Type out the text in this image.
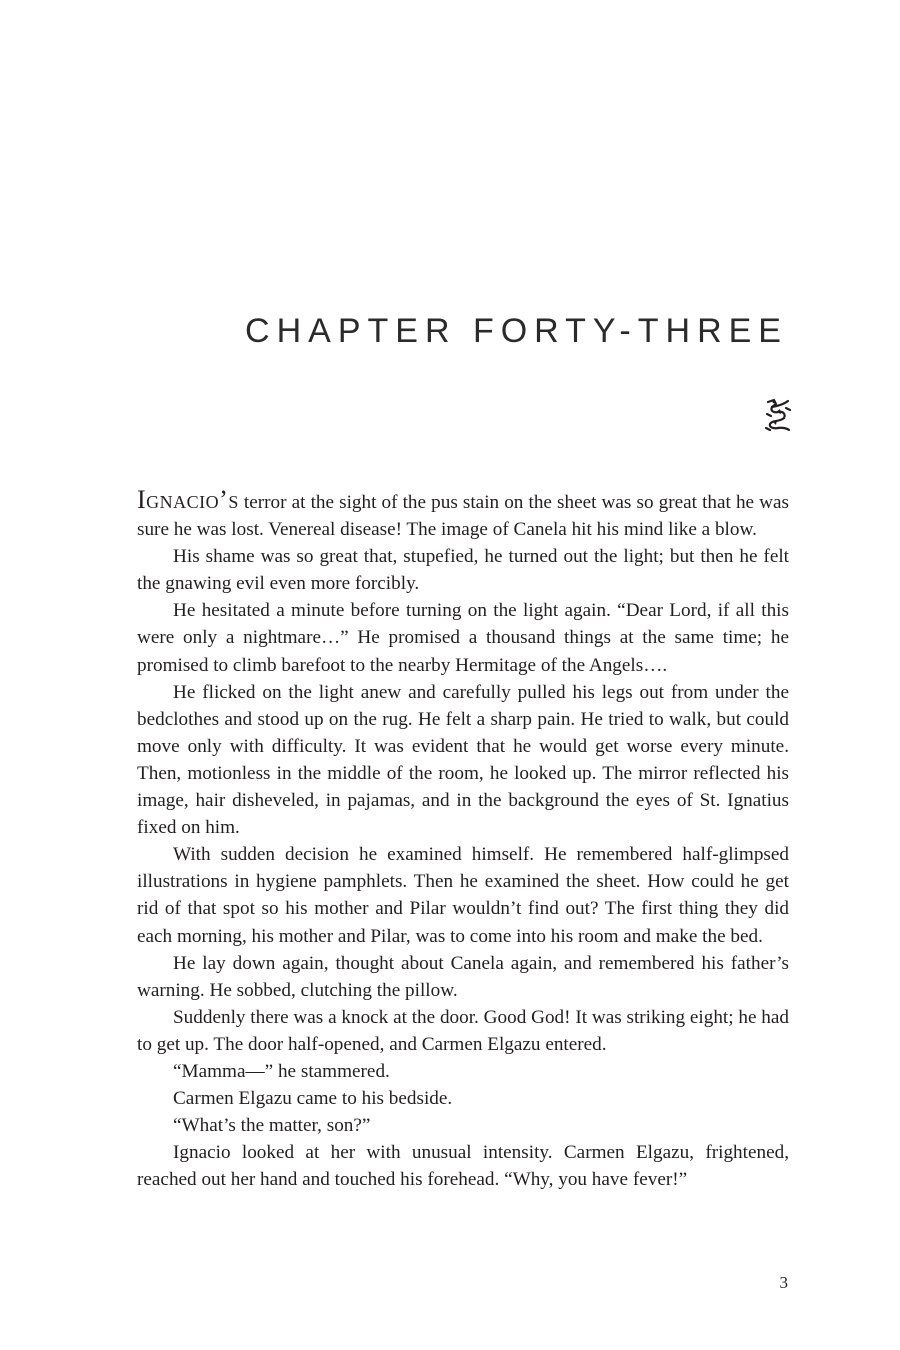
CHAPTER FORTY-THREE

Ignacio’s terror at the sight of the pus stain on the sheet was so great that he was sure he was lost. Venereal disease! The image of Canela hit his mind like a blow.

His shame was so great that, stupefied, he turned out the light; but then he felt the gnawing evil even more forcibly.

He hesitated a minute before turning on the light again. “Dear Lord, if all this were only a nightmare…” He promised a thousand things at the same time; he promised to climb barefoot to the nearby Hermitage of the Angels….

He flicked on the light anew and carefully pulled his legs out from under the bedclothes and stood up on the rug. He felt a sharp pain. He tried to walk, but could move only with difficulty. It was evident that he would get worse every minute. Then, motionless in the middle of the room, he looked up. The mirror reflected his image, hair disheveled, in pajamas, and in the background the eyes of St. Ignatius fixed on him.

With sudden decision he examined himself. He remembered half-glimpsed illustrations in hygiene pamphlets. Then he examined the sheet. How could he get rid of that spot so his mother and Pilar wouldn’t find out? The first thing they did each morning, his mother and Pilar, was to come into his room and make the bed.

He lay down again, thought about Canela again, and remembered his father’s warning. He sobbed, clutching the pillow.

Suddenly there was a knock at the door. Good God! It was striking eight; he had to get up. The door half-opened, and Carmen Elgazu entered.

“Mamma—” he stammered.

Carmen Elgazu came to his bedside.

“What’s the matter, son?”

Ignacio looked at her with unusual intensity. Carmen Elgazu, frightened, reached out her hand and touched his forehead. “Why, you have fever!”

3
